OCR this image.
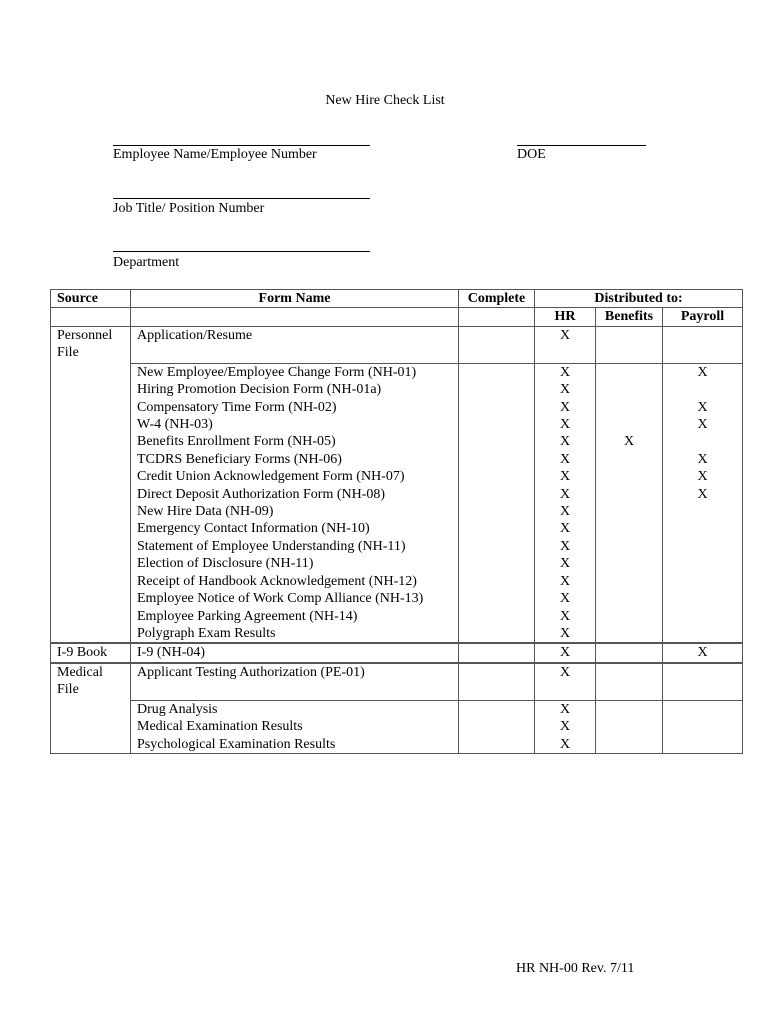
New Hire Check List
Employee Name/Employee Number	DOE
Job Title/ Position Number
Department
Source	Form Name	Complete	Distributed to:		
			HR	Benefits	Payroll
Personnel File	Application/Resume		X		
	New Employee/Employee Change Form (NH-01)		X		X
	Hiring Promotion Decision Form (NH-01a)		X		
	Compensatory Time Form (NH-02)		X		X
	W-4 (NH-03)		X		X
	Benefits Enrollment Form (NH-05)		X	X	
	TCDRS Beneficiary Forms (NH-06)		X		X
	Credit Union Acknowledgement Form (NH-07)		X		X
	Direct Deposit Authorization Form (NH-08)		X		X
	New Hire Data (NH-09)		X		
	Emergency Contact Information (NH-10)		X		
	Statement of Employee Understanding (NH-11)		X		
	Election of Disclosure (NH-11)		X		
	Receipt of Handbook Acknowledgement (NH-12)		X		
	Employee Notice of Work Comp Alliance (NH-13)		X		
	Employee Parking Agreement (NH-14)		X		
	Polygraph Exam Results		X		

I-9 Book	I-9 (NH-04)		X		X

Medical File	Applicant Testing Authorization (PE-01)		X		
	Drug Analysis		X		
	Medical Examination Results		X		
	Psychological Examination Results		X		
HR NH-00 Rev. 7/11
